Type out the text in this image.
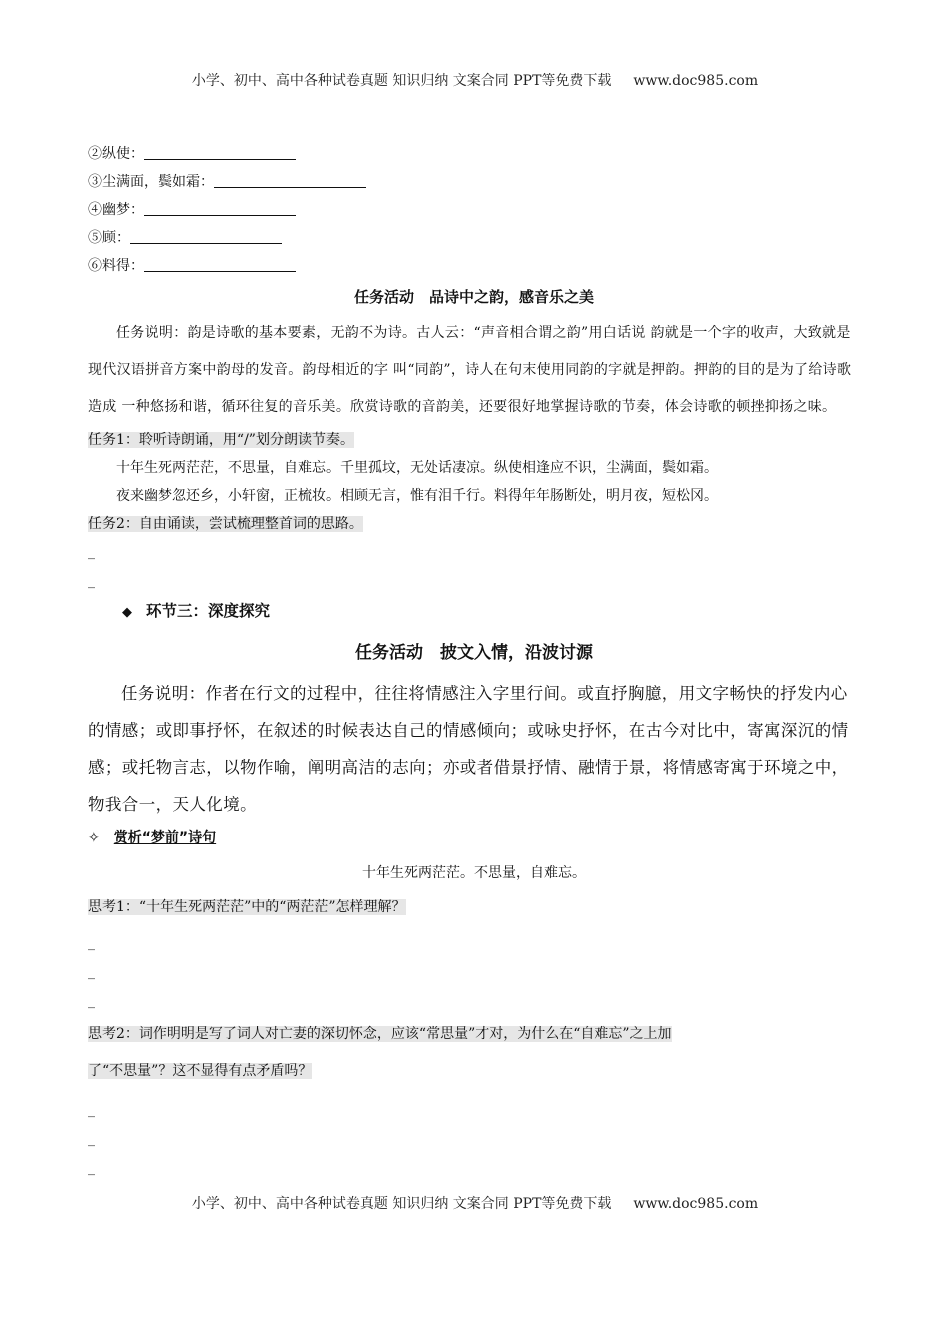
小学、初中、高中各种试卷真题 知识归纳 文案合同 PPT等免费下载 www.doc985.com
②纵使：
③尘满面，鬓如霜：
④幽梦：
⑤顾：
⑥料得：
任务活动　品诗中之韵，感音乐之美
任务说明：韵是诗歌的基本要素，无韵不为诗。古人云：“声音相合谓之韵”用白话说 韵就是一个字的收声，大致就是现代汉语拼音方案中韵母的发音。韵母相近的字 叫“同韵”，诗人在句末使用同韵的字就是押韵。押韵的目的是为了给诗歌造成 一种悠扬和谐，循环往复的音乐美。欣赏诗歌的音韵美，还要很好地掌握诗歌的节奏，体会诗歌的顿挫抑扬之味。
任务1：聆听诗朗诵，用“/”划分朗读节奏。
十年生死两茫茫，不思量，自难忘。千里孤坟，无处话凄凉。纵使相逢应不识，尘满面，鬓如霜。
夜来幽梦忽还乡，小轩窗，正梳妆。相顾无言，惟有泪千行。料得年年肠断处，明月夜，短松冈。
任务2：自由诵读，尝试梳理整首词的思路。
_
_
◆ 环节三：深度探究
任务活动　披文入情，沿波讨源
任务说明：作者在行文的过程中，往往将情感注入字里行间。或直抒胸臆，用文字畅快的抒发内心的情感；或即事抒怀，在叙述的时候表达自己的情感倾向；或咏史抒怀，在古今对比中，寄寓深沉的情感；或托物言志，以物作喻，阐明高洁的志向；亦或者借景抒情、融情于景，将情感寄寓于环境之中，物我合一，天人化境。
✧ 赏析“梦前”诗句
十年生死两茫茫。不思量，自难忘。
思考1：“十年生死两茫茫”中的“两茫茫”怎样理解？
_
_
_
思考2：词作明明是写了词人对亡妻的深切怀念，应该“常思量”才对，为什么在“自难忘”之上加
了“不思量”？这不显得有点矛盾吗？
_
_
_
小学、初中、高中各种试卷真题 知识归纳 文案合同 PPT等免费下载 www.doc985.com
